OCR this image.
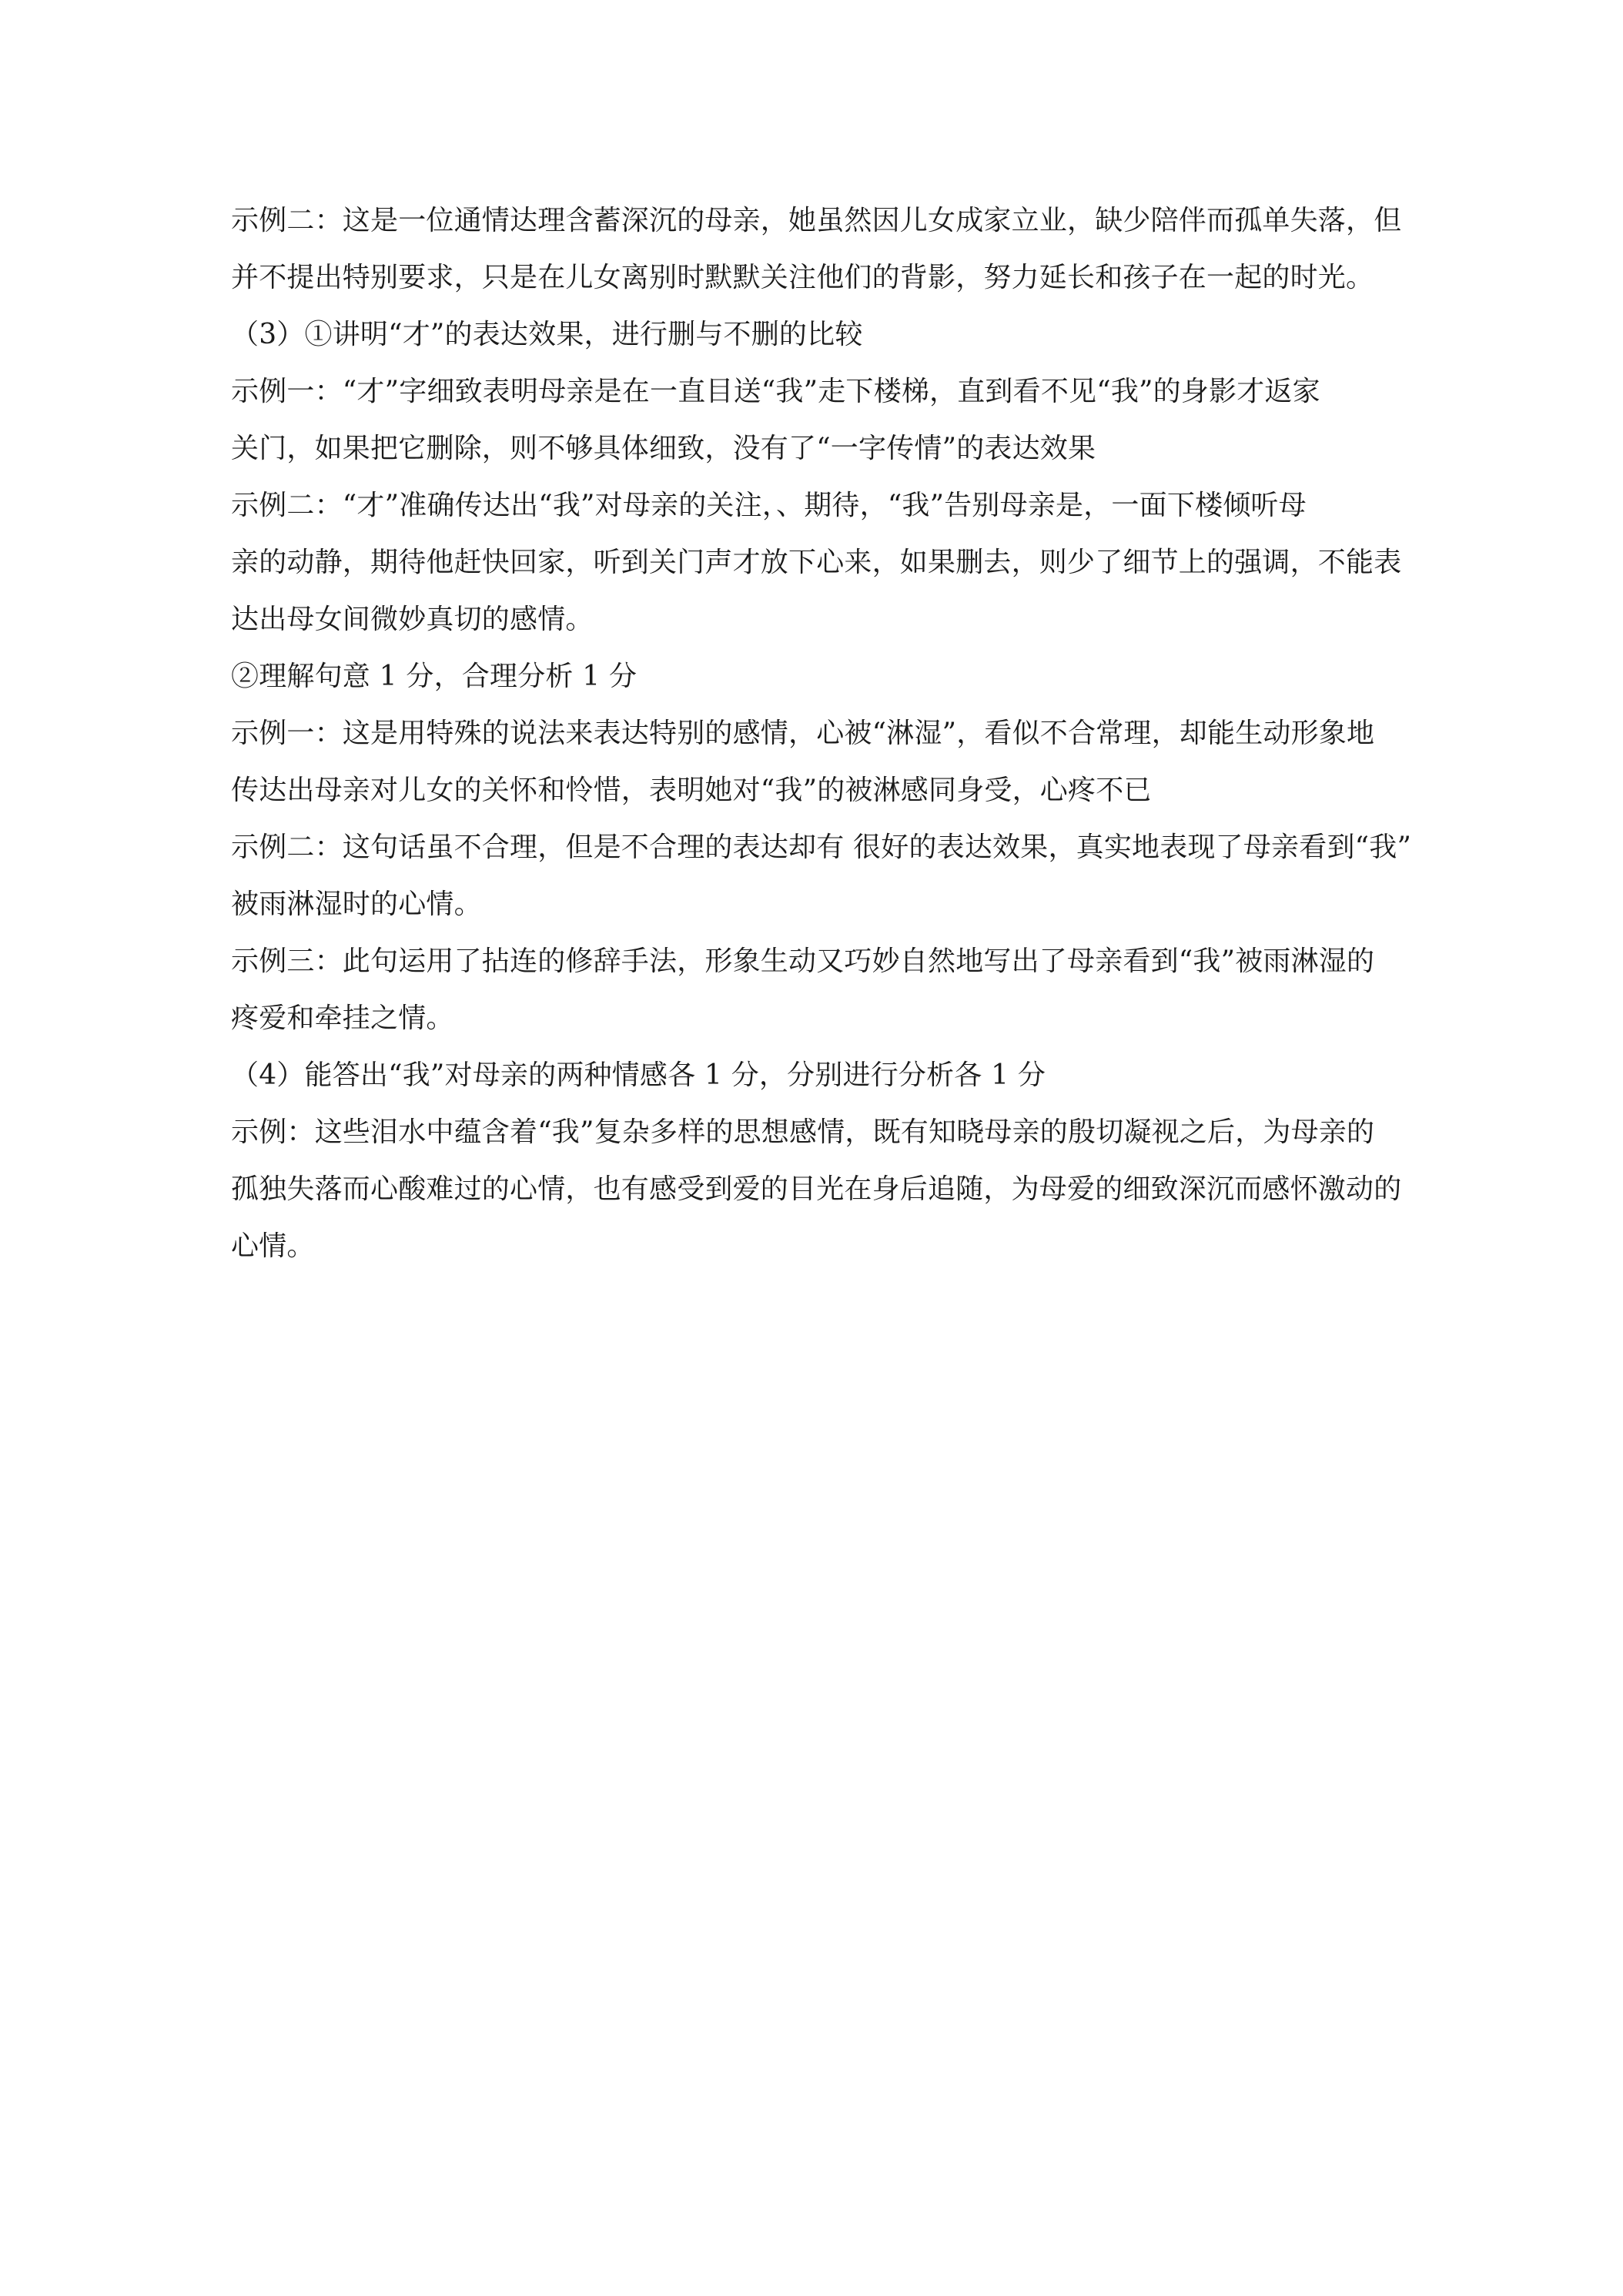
示例二：这是一位通情达理含蓄深沉的母亲，她虽然因儿女成家立业，缺少陪伴而孤单失落，但
并不提出特别要求，只是在儿女离别时默默关注他们的背影，努力延长和孩子在一起的时光。
（3）①讲明“才”的表达效果，进行删与不删的比较
示例一：“才”字细致表明母亲是在一直目送“我”走下楼梯，直到看不见“我”的身影才返家
关门，如果把它删除，则不够具体细致，没有了“一字传情”的表达效果
示例二：“才”准确传达出“我”对母亲的关注，、期待，“我”告别母亲是，一面下楼倾听母
亲的动静，期待他赶快回家，听到关门声才放下心来，如果删去，则少了细节上的强调，不能表
达出母女间微妙真切的感情。
②理解句意 1 分，合理分析 1 分
示例一：这是用特殊的说法来表达特别的感情，心被“淋湿”，看似不合常理，却能生动形象地
传达出母亲对儿女的关怀和怜惜，表明她对“我”的被淋感同身受，心疼不已
示例二：这句话虽不合理，但是不合理的表达却有 很好的表达效果，真实地表现了母亲看到“我”
被雨淋湿时的心情。
示例三：此句运用了拈连的修辞手法，形象生动又巧妙自然地写出了母亲看到“我”被雨淋湿的
疼爱和牵挂之情。
（4）能答出“我”对母亲的两种情感各 1 分，分别进行分析各 1 分
示例：这些泪水中蕴含着“我”复杂多样的思想感情，既有知晓母亲的殷切凝视之后，为母亲的
孤独失落而心酸难过的心情，也有感受到爱的目光在身后追随，为母爱的细致深沉而感怀激动的
心情。
